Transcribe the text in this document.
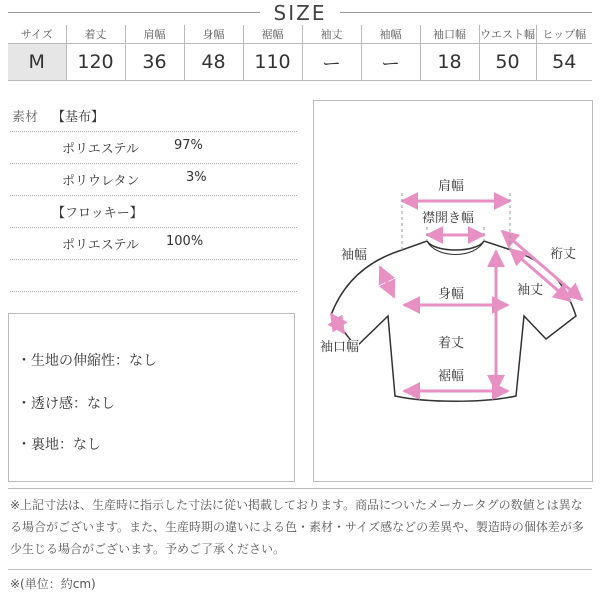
SIZE
サイズ	着丈	肩幅	身幅	裾幅	袖丈	袖幅	袖口幅	ウエスト幅	ヒップ幅
M	120	36	48	110	ー	ー	18	50	54
素材 【基布】
ポリエステル	97%
ポリウレタン	3%
【フロッキー】
ポリエステル 100%
・生地の伸縮性：なし
・透け感：なし
・裏地：なし
肩幅
襟開き幅
袖幅
身幅
袖口幅	着丈
裾幅
裄丈
袖丈
※上記寸法は、生産時に指示した寸法に従い掲載しております。商品についたメーカータグの数値とは異なる場合がございます。また、生産時期の違いによる色・素材・サイズ感などの差異や、製造時の個体差が多少生じる場合がございます。予めご了承ください。
※(単位：約cm)
